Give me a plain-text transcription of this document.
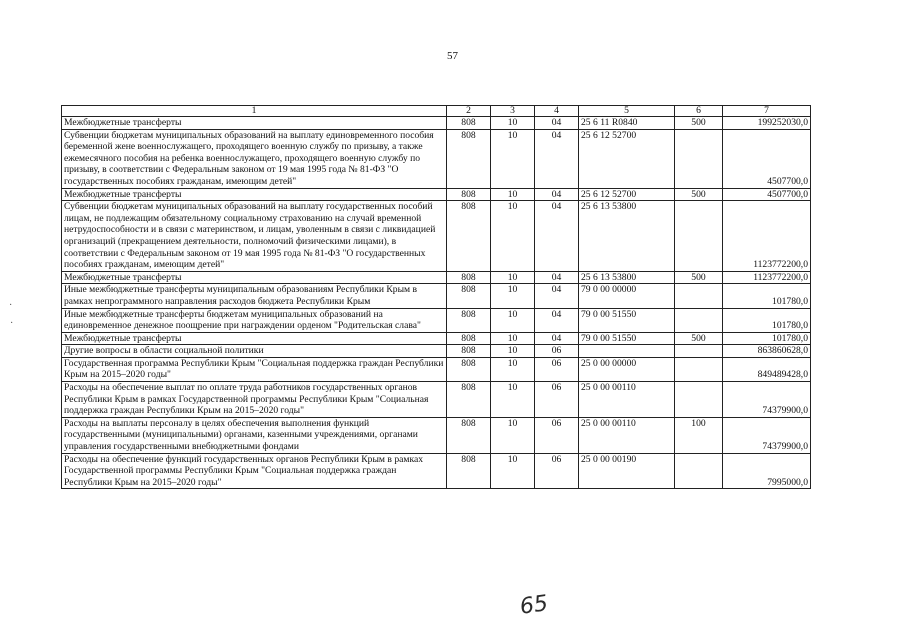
57
1	2	3	4	5	6	7
Межбюджетные трансферты	808	10	04	25 6 11 R0840	500	199252030,0
Субвенции бюджетам муниципальных образований на выплату единовременного пособия беременной жене военнослужащего, проходящего военную службу по призыву, а также ежемесячного пособия на ребенка военнослужащего, проходящего военную службу по призыву, в соответствии с Федеральным законом от 19 мая 1995 года № 81-ФЗ "О государственных пособиях гражданам, имеющим детей"	808	10	04	25 6 12 52700		4507700,0
Межбюджетные трансферты	808	10	04	25 6 12 52700	500	4507700,0
Субвенции бюджетам муниципальных образований на выплату государственных пособий лицам, не подлежащим обязательному социальному страхованию на случай временной нетрудоспособности и в связи с материнством, и лицам, уволенным в связи с ликвидацией организаций (прекращением деятельности, полномочий физическими лицами), в соответствии с Федеральным законом от 19 мая 1995 года № 81-ФЗ "О государственных пособиях гражданам, имеющим детей"	808	10	04	25 6 13 53800		1123772200,0
Межбюджетные трансферты	808	10	04	25 6 13 53800	500	1123772200,0
Иные межбюджетные трансферты муниципальным образованиям Республики Крым в рамках непрограммного направления расходов бюджета Республики Крым	808	10	04	79 0 00 00000		101780,0
Иные межбюджетные трансферты бюджетам муниципальных образований на единовременное денежное поощрение при награждении орденом "Родительская слава"	808	10	04	79 0 00 51550		101780,0
Межбюджетные трансферты	808	10	04	79 0 00 51550	500	101780,0
Другие вопросы в области социальной политики	808	10	06			863860628,0
Государственная программа Республики Крым "Социальная поддержка граждан Республики Крым на 2015–2020 годы"	808	10	06	25 0 00 00000		849489428,0
Расходы на обеспечение выплат по оплате труда работников государственных органов Республики Крым в рамках Государственной программы Республики Крым "Социальная поддержка граждан Республики Крым на 2015–2020 годы"	808	10	06	25 0 00 00110		74379900,0
Расходы на выплаты персоналу в целях обеспечения выполнения функций государственными (муниципальными) органами, казенными учреждениями, органами управления государственными внебюджетными фондами	808	10	06	25 0 00 00110	100	74379900,0
Расходы на обеспечение функций государственных органов Республики Крым в рамках Государственной программы Республики Крым "Социальная поддержка граждан Республики Крым на 2015–2020 годы"	808	10	06	25 0 00 00190		7995000,0
65
·
·
